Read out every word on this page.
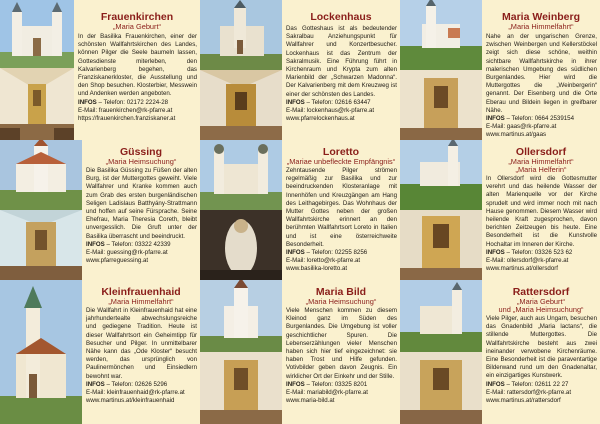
Frauenkirchen
„Maria Geburt“
In der Basilika Frauenkirchen, einer der schönsten Wallfahrtskirchen des Landes, können Pilger die Seele baumeln lassen, Gottesdienste miterleben, den Kalvarienberg begehen, das Franziskanerkloster, die Ausstellung und den Shop besuchen. Klosterbier, Messwein und Andenken werden angeboten.
INFOS – Telefon: 02172 2224-28
E-Mail: frauenkirchen@rk-pfarre.at
https://frauenkirchen.franziskaner.at
Lockenhaus
Das Gotteshaus ist als bedeutender Sakralbau Anziehungspunkt für Wallfahrer und Konzertbesucher. Lockenhaus ist das Zentrum der Sakralmusik. Eine Führung führt in Kirchenraum und Krypta zum alten Marienbild der „Schwarzen Madonna“. Der Kalvarienberg mit dem Kreuzweg ist einer der schönsten des Landes.
INFOS – Telefon: 02616 63447
E-Mail: lockenhaus@rk-pfarre.at
www.pfarrelockenhaus.at
Maria Weinberg
„Maria Himmelfahrt“
Nahe an der ungarischen Grenze, zwischen Weinbergen und Kellerstöckel zeigt sich diese schöne, weithin sichtbare Wallfahrtskirche in ihrer malerischen Umgebung des südlichen Burgenlandes. Hier wird die Muttergottes die „Weinbergerin“ genannt. Der Eisenberg und die Orte Eberau und Bildein liegen in greifbarer Nähe.
INFOS – Telefon: 0664 2539154
E-Mail: gaas@rk-pfarre.at
www.martinus.at/gaas
Güssing
„Maria Heimsuchung“
Die Basilika Güssing zu Füßen der alten Burg, ist der Muttergottes geweiht. Viele Wallfahrer und Kranke kommen auch zum Grab des ersten burgenländischen Seligen Ladislaus Batthyány-Strattmann und hoffen auf seine Fürsprache. Seine Ehefrau, Maria Theresia Coreth, bleibt unvergesslich. Die Gruft unter der Basilika überrascht und beeindruckt.
INFOS – Telefon: 03322 42339
E-Mail: guessing@rk-pfarre.at
www.pfarreguessing.at
Loretto
„Mariae unbefleckte Empfängnis“
Zehntausende Pilger strömen regelmäßig zur Basilika und zur beeindruckenden Klosteranlage mit Innenhöfen und Kreuzgängen am Hang des Leithagebirges. Das Wohnhaus der Mutter Gottes neben der großen Wallfahrtskirche erinnert an den berühmten Wallfahrtsort Loreto in Italien und ist eine österreichweite Besonderheit.
INFOS – Telefon: 02255 8256
E-Mail: loretto@rk-pfarre.at
www.basilika-loretto.at
Ollersdorf
„Maria Himmelfahrt“
„Maria Helferin“
In Ollersdorf wird die Gottesmutter verehrt und das heilende Wasser der alten Marienquelle vor der Kirche sprudelt und wird immer noch mit nach Hause genommen. Diesem Wasser wird heilende Kraft zugesprochen, davon berichten Zeitzeugen bis heute. Eine Besonderheit ist die Kunstvolle Hochaltar im Inneren der Kirche.
INFOS – Telefon: 03326 523 62
E-Mail: ollersdorf@rk-pfarre.at
www.martinus.at/ollersdorf
Kleinfrauenhaid
„Maria Himmelfahrt“
Die Wallfahrt in Kleinfrauenhaid hat eine jahrhundertealte abwechslungsreiche und gediegene Tradition. Heute ist dieser Wallfahrtsort ein Geheimtipp für Besucher und Pilger. In unmittelbarer Nähe kann das „Ode Kloster“ besucht werden, das ursprünglich von Paulinermönchen und Einsiedlern bewohnt war.
INFOS – Telefon: 02626 5296
E-Mail: kleinfrauenhaid@rk-pfarre.at
www.martinus.at/kleinfrauenhaid
Maria Bild
„Maria Heimsuchung“
Viele Menschen kommen zu diesem Kleinod ganz im Süden des Burgenlandes. Die Umgebung ist voller geschichtlicher Spuren. Die Lebenserzählungen vieler Menschen haben sich hier tief eingezeichnet: sie haben Trost und Hilfe gefunden. Votivbilder geben davon Zeugnis. Ein wirklicher Ort der Einkehr und der Stille.
INFOS – Telefon: 03325 8201
E-Mail: mariabild@rk-pfarre.at
www.maria-bild.at
Rattersdorf
„Maria Geburt“
und „Maria Heimsuchung“
Viele Pilger, auch aus Ungarn, besuchen das Gnadenbild „Maria lactans“, die stillende Muttergottes. Die Wallfahrtskirche besteht aus zwei ineinander verwobene Kirchenräume. Eine Besonderheit ist die paraventartige Bilderwand rund um den Gnadenaltar, ein einzigartiges Kunstwerk.
INFOS – Telefon: 02611 22 27
E-Mail: rattersdorf@rk-pfarre.at
www.martinus.at/rattersdorf
